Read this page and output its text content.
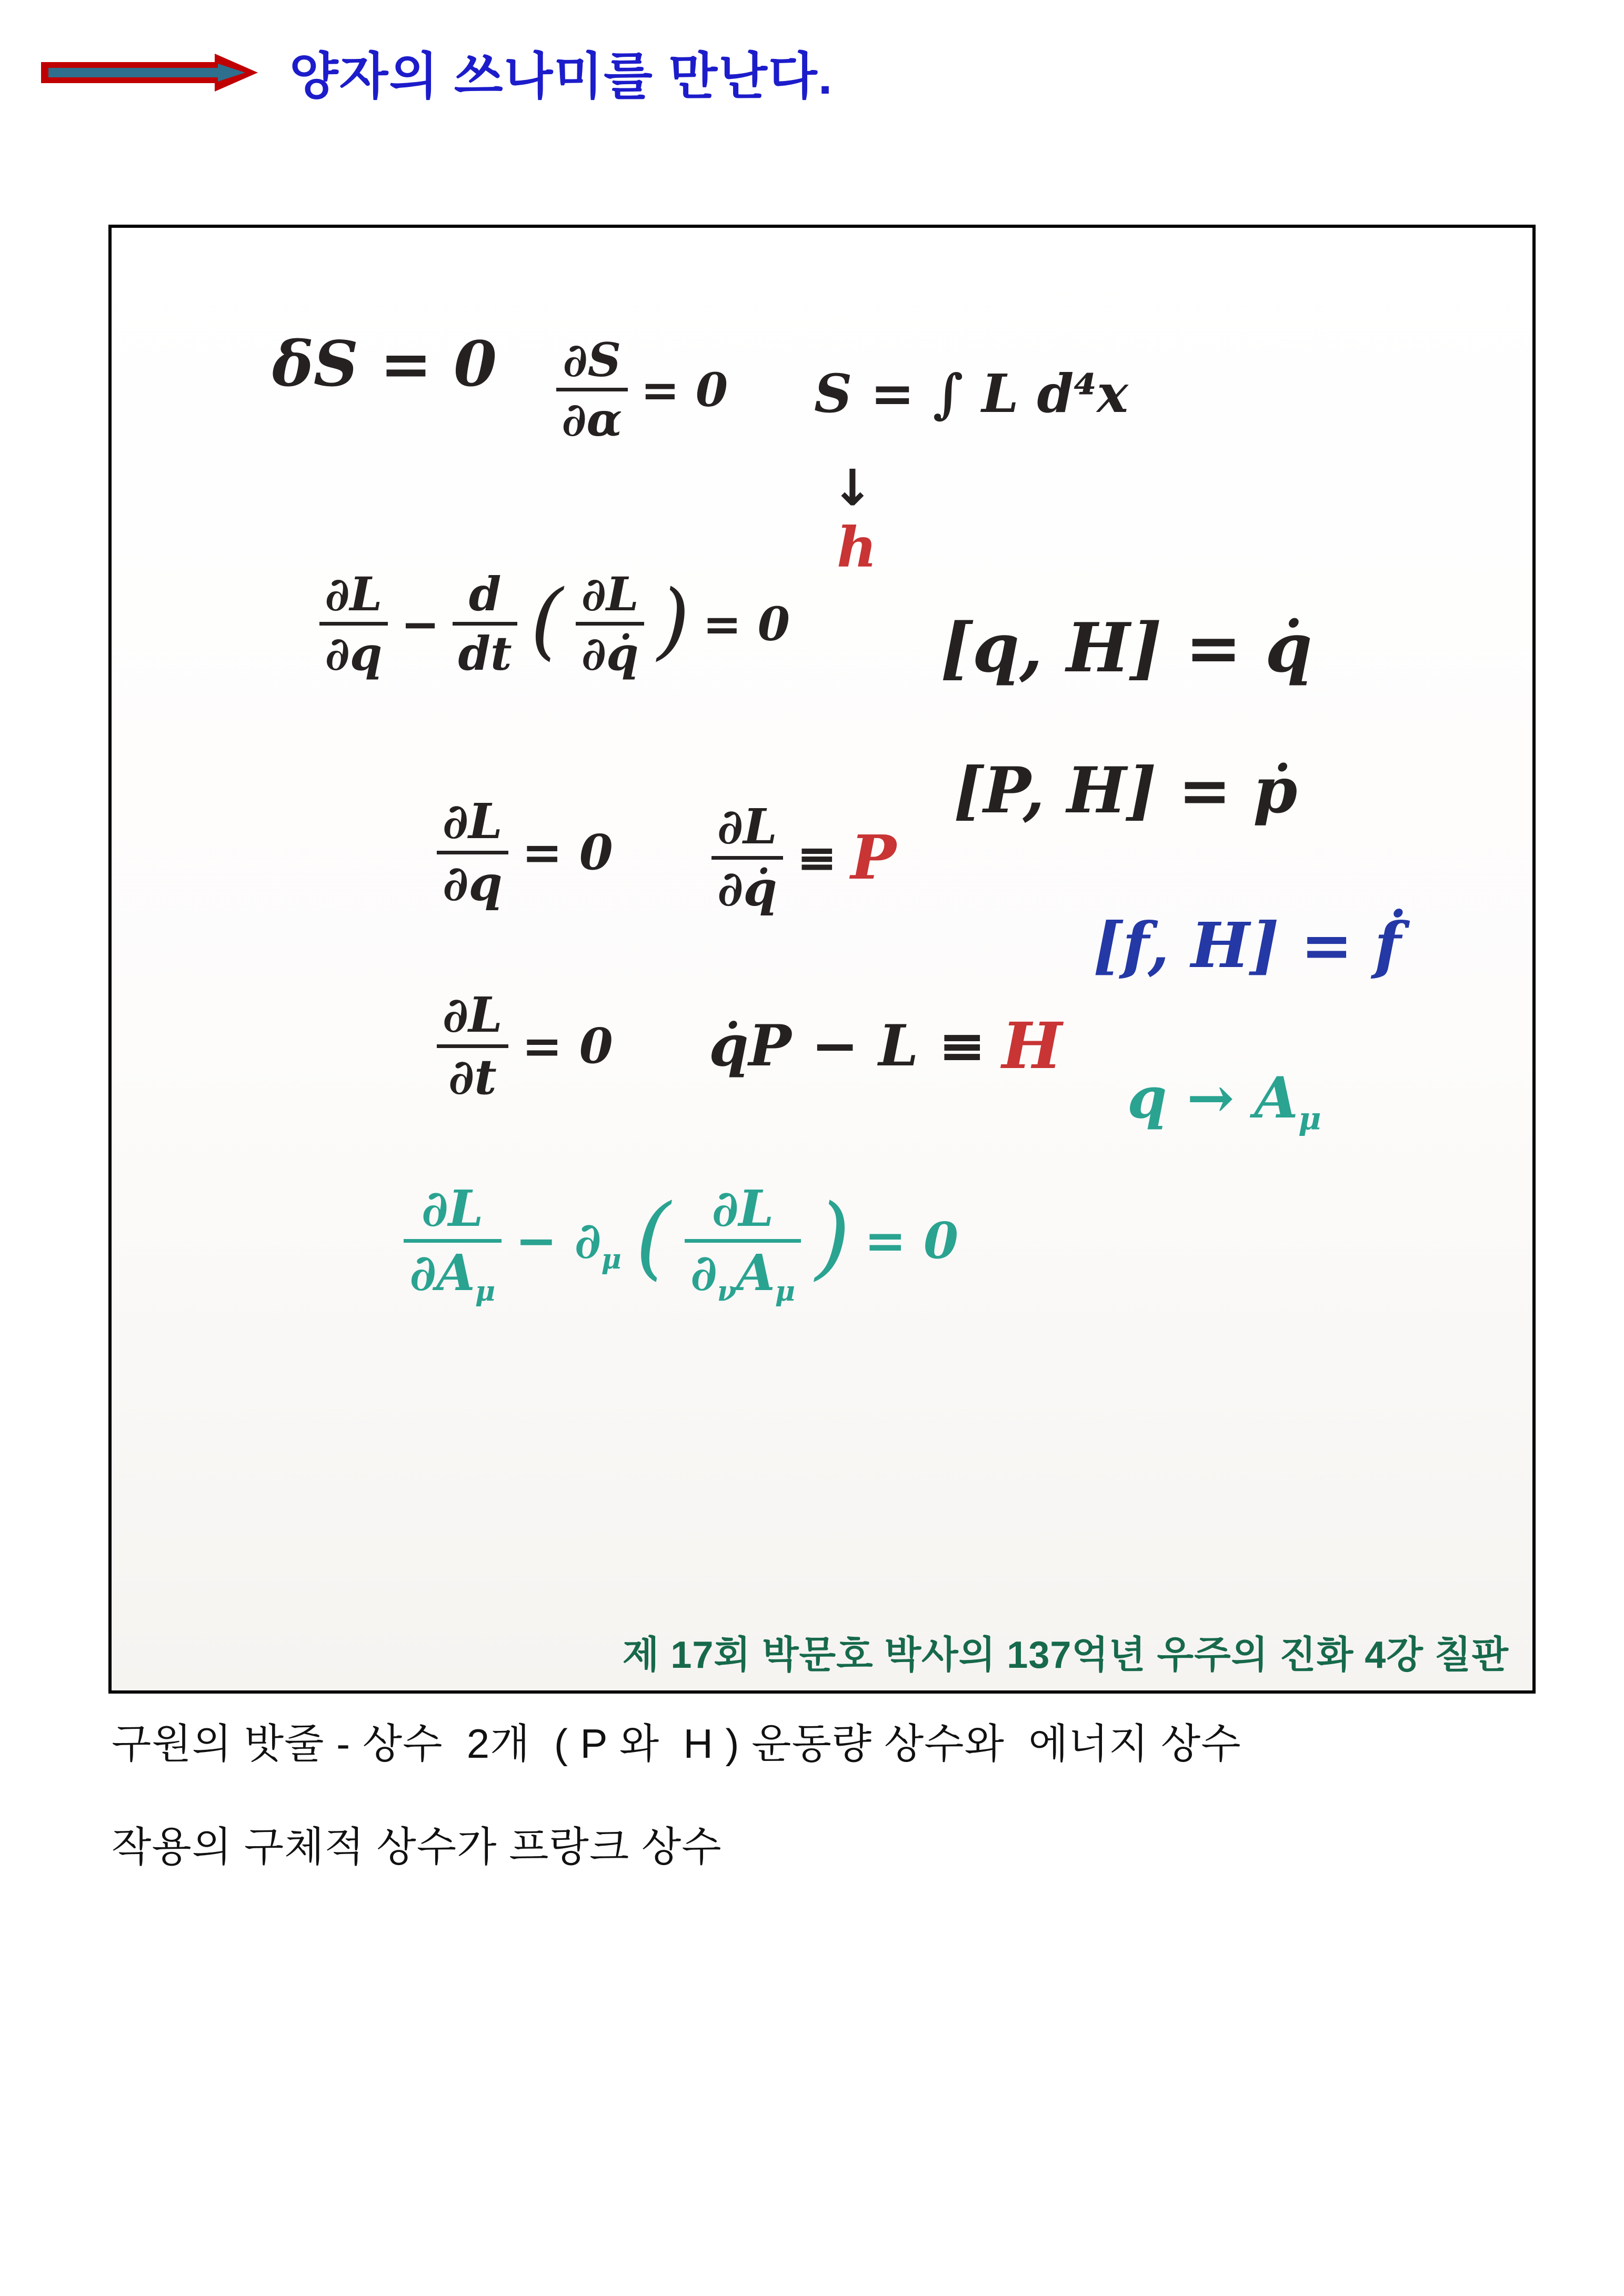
양자의 쓰나미를 만난다.
$\delta S = 0 \frac{\partial S}{\partial\alpha} = 0$ S = ∫ L d⁴x
↓
h
$\frac{\partial L}{\partial q} - \frac{d}{dt}$ ( $\frac{\partial L}{\partial q̇}$ ) = 0 [q, H] = q̇
[P, H] = ṗ
$\frac{\partial L}{\partial q} = 0 \frac{\partial L}{\partial q̇} \equiv P$
[f, H] = ḟ
$\frac{\partial L}{\partial t} = 0$ q̇P − L ≡ H
$q \to A_\mu$
$\frac{\partial L}{\partial A_\mu} - \partial_\mu$ ( $\frac{\partial L}{\partial_\nu A_\mu}$ ) = 0
제 17회 박문호 박사의 137억년 우주의 진화 4강 칠판
구원의 밧줄 - 상수  2개  ( P 와  H ) 운동량 상수와  에너지 상수
작용의 구체적 상수가 프랑크 상수
